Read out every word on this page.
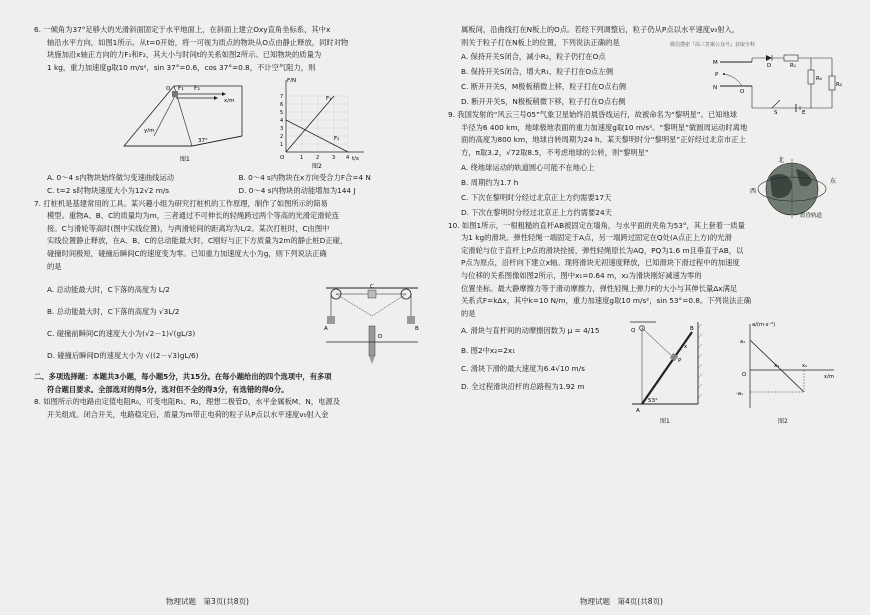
6. 一倾角为37°足够大的光滑斜面固定于水平地面上，在斜面上建立Oxy直角坐标系，其中x

轴沿水平方向，如图1所示。从t=0开始，将一可视为质点的物块从O点由静止释放，同时对物

块施加沿x轴正方向的力F₁和F₂，其大小与时间t的关系如图2所示。已知物块的质量为

1 kg，重力加速度g取10 m/s²，sin 37°=0.6，cos 37°=0.8，不计空气阻力，则

F₁ F₂
x/m
y/m
O
37°
图1
F/N
t/s
O
F₁
F₂
1
2
3
4
5
6
7
1	2	3 4
图2

A. 0～4 s内物块始终做匀变速曲线运动	B. 0～4 s内物块在x方向受合力F合=4 N

C. t=2 s时物块速度大小为12√2 m/s	D. 0～4 s内物块的动能增加为144 J

7. 打桩机是基建常用的工具。某兴趣小组为研究打桩机的工作原理，制作了如图所示的简易

模型。重物A、B、C的质量均为m，三者通过不可伸长的轻绳跨过两个等高的光滑定滑轮连

接。C与滑轮等高时(图中实线位置)，与两滑轮间的距离均为L/2。某次打桩时，C由图中

实线位置静止释放，在A、B、C的总动能最大时，C刚好与正下方质量为2m的静止桩D正碰，

碰撞时间极短，碰撞后瞬间C的速度变为零。已知重力加速度大小为g，则下列说法正确

的是

A. 总动能最大时，C下落的高度为 L/2

B. 总动能最大时，C下落的高度为 √3L/2

C. 碰撞前瞬间C的速度大小为(√2－1)√(gL/3)

D. 碰撞后瞬间D的速度大小为 √((2－√3)gL/6)

A	B
C
D

二、多项选择题：本题共3小题，每小题5分，共15分。在每小题给出的四个选项中，有多项

符合题目要求。全部选对的得5分，选对但不全的得3分，有选错的得0分。

8. 如图所示的电路由定值电阻R₀，可变电阻R₁、R₂，理想二极管D，水平金属板M、N，电源及

开关组成。闭合开关，电路稳定后，质量为m带正电荷的粒子从P点以水平速度v₀射入金

物理试题　第3页(共8页)

属板间，沿曲线打在N板上的O点。若经下列调整后，粒子仍从P点以水平速度v₀射入，

则关于粒子打在N板上的位置，下列说法正确的是	微信搜索『高三答案公众号』获取全科

A. 保持开关S闭合，减小R₂，粒子仍打在O点

B. 保持开关S闭合，增大R₁，粒子打在O点左侧

C. 断开开关S，M极板稍微上移，粒子打在O点右侧

D. 断开开关S，N极板稍微下移，粒子打在O点右侧

M
N
P
O
S
R₀
R₁
R₂
D
E

9. 我国发射的“风云三号05”气象卫星始终沿晨昏线运行，故被命名为“黎明星”。已知地球

半径为6 400 km，地球极地表面的重力加速度g取10 m/s²。“黎明星”做圆周运动时离地

面的高度为800 km，地球自转周期为24 h。某天黎明时分“黎明星”正好经过北京市正上

方，π取3.2，√72取8.5，不考虑地球的公转，则“黎明星”

A. 绕地球运动的轨道圆心可能不在地心上

B. 周期约为1.7 h

C. 下次在黎明时分经过北京正上方约需要17天

D. 下次在黎明时分经过北京正上方约需要24天

北
西
东
晨昏轨道

10. 如图1所示，一根粗糙的直杆AB被固定在墙角，与水平面的夹角为53°，其上套着一质量

为1 kg的滑块。弹性轻绳一端固定于A点，另一端跨过固定在Q处(A点正上方)的光滑

定滑轮与位于直杆上P点的滑块拴接，弹性轻绳原长为AQ，PQ为1.6 m且垂直于AB，以

P点为原点，沿杆向下建立x轴。现将滑块无初速度释放，已知滑块下滑过程中的加速度

与位移的关系图像如图2所示，图中x₁=0.64 m，x₂为滑块刚好减速为零的

位置坐标。最大静摩擦力等于滑动摩擦力，弹性轻绳上弹力F的大小与其伸长量Δx满足

关系式F=kΔx，其中k=10 N/m，重力加速度g取10 m/s²，sin 53°=0.8。下列说法正确

的是

A. 滑块与直杆间的动摩擦因数为 μ = 4/15

B. 图2中x₂=2x₁

C. 滑块下滑的最大速度为6.4√10 m/s

D. 全过程滑块沿杆的总路程为1.92 m

Q
P
A
B
53°
x
a/(m·s⁻²)
x/m
O
x₁	x₂
a₁
-a₁
图1	图2
物理试题　第4页(共8页)
